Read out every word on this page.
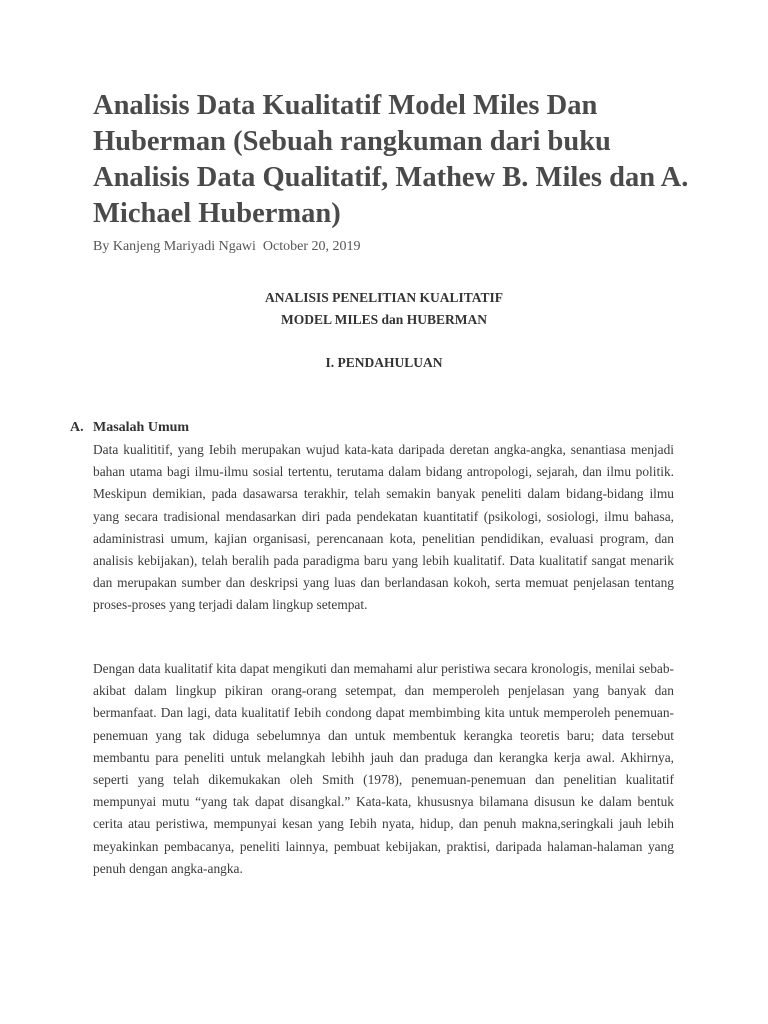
Analisis Data Kualitatif Model Miles Dan Huberman (Sebuah rangkuman dari buku Analisis Data Qualitatif, Mathew B. Miles dan A. Michael Huberman)
By Kanjeng Mariyadi Ngawi October 20, 2019
ANALISIS PENELITIAN KUALITATIF
MODEL MILES dan HUBERMAN
I. PENDAHULUAN
A. Masalah Umum

Data kualititif, yang Iebih merupakan wujud kata-kata daripada deretan angka-angka, senantiasa menjadi bahan utama bagi ilmu-ilmu sosial tertentu, terutama dalam bidang antropologi, sejarah, dan ilmu politik. Meskipun demikian, pada dasawarsa terakhir, telah semakin banyak peneliti dalam bidang-bidang ilmu yang secara tradisional mendasarkan diri pada pendekatan kuantitatif (psikologi, sosiologi, ilmu bahasa, adaministrasi umum, kajian organisasi, perencanaan kota, penelitian pendidikan, evaluasi program, dan analisis kebijakan), telah beralih pada paradigma baru yang lebih kualitatif. Data kualitatif sangat menarik dan merupakan sumber dan deskripsi yang luas dan berlandasan kokoh, serta memuat penjelasan tentang proses-proses yang terjadi dalam lingkup setempat.

Dengan data kualitatif kita dapat mengikuti dan memahami alur peristiwa secara kronologis, menilai sebab-akibat dalam lingkup pikiran orang-orang setempat, dan memperoleh penjelasan yang banyak dan bermanfaat. Dan lagi, data kualitatif Iebih condong dapat membimbing kita untuk memperoleh penemuan-penemuan yang tak diduga sebelumnya dan untuk membentuk kerangka teoretis baru; data tersebut membantu para peneliti untuk melangkah lebihh jauh dan praduga dan kerangka kerja awal. Akhirnya, seperti yang telah dikemukakan oleh Smith (1978), penemuan-penemuan dan penelitian kualitatif mempunyai mutu “yang tak dapat disangkal.” Kata-kata, khususnya bilamana disusun ke dalam bentuk cerita atau peristiwa, mempunyai kesan yang Iebih nyata, hidup, dan penuh makna,seringkali jauh lebih meyakinkan pembacanya, peneliti lainnya, pembuat kebijakan, praktisi, daripada halaman-halaman yang penuh dengan angka-angka.
